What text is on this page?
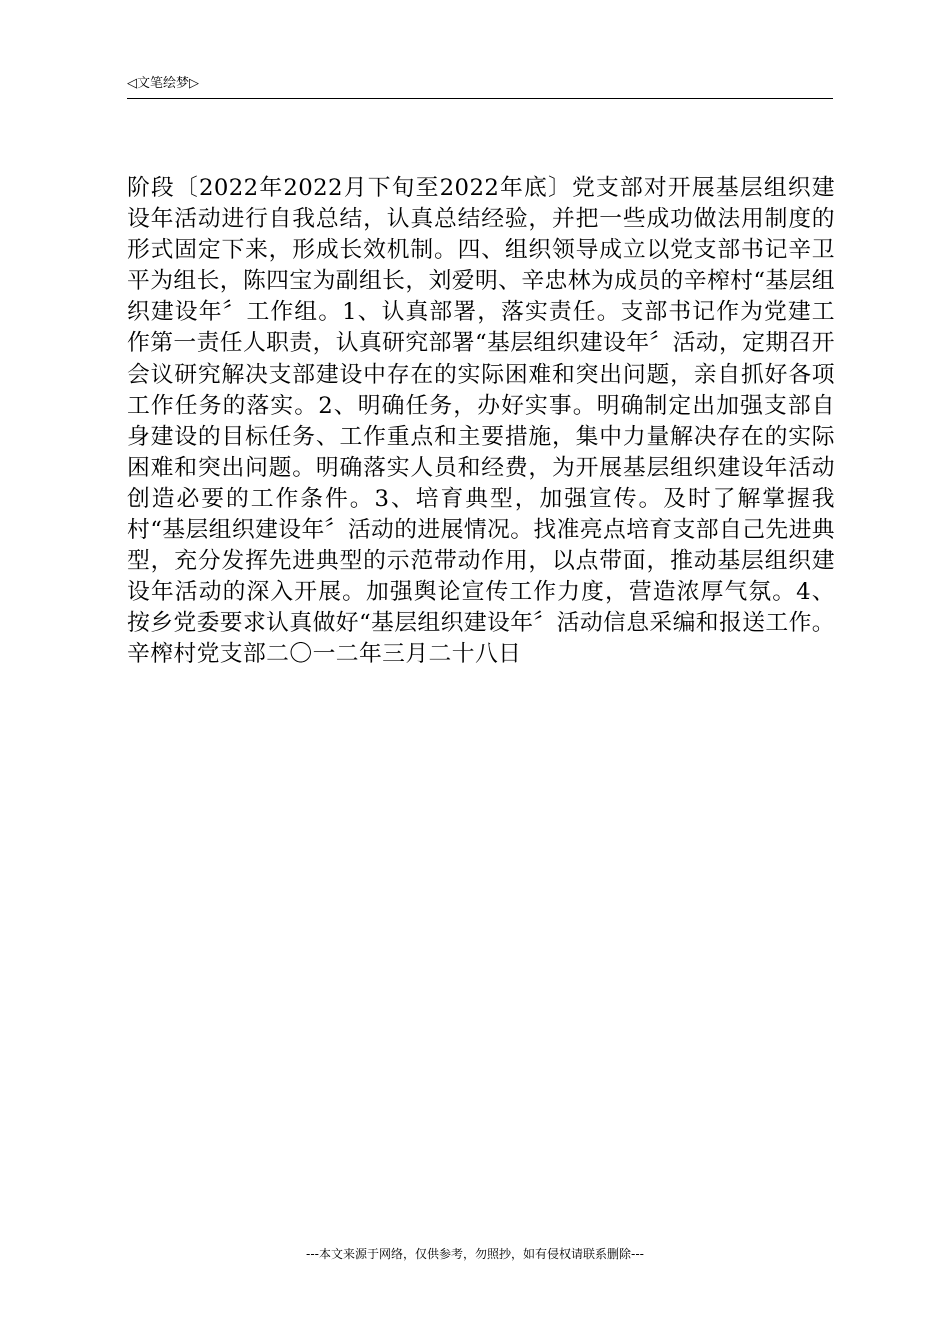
◁文笔绘梦▷

阶段〔2022年2022月下旬至2022年底〕党支部对开展基层组织建设年活动进行自我总结，认真总结经验，并把一些成功做法用制度的形式固定下来，形成长效机制。四、组织领导成立以党支部书记辛卫平为组长，陈四宝为副组长，刘爱明、辛忠林为成员的辛榨村“基层组织建设年〞工作组。1、认真部署，落实责任。支部书记作为党建工作第一责任人职责，认真研究部署“基层组织建设年〞活动，定期召开会议研究解决支部建设中存在的实际困难和突出问题，亲自抓好各项工作任务的落实。2、明确任务，办好实事。明确制定出加强支部自身建设的目标任务、工作重点和主要措施，集中力量解决存在的实际困难和突出问题。明确落实人员和经费，为开展基层组织建设年活动创造必要的工作条件。3、培育典型，加强宣传。及时了解掌握我村“基层组织建设年〞活动的进展情况。找准亮点培育支部自己先进典型，充分发挥先进典型的示范带动作用，以点带面，推动基层组织建设年活动的深入开展。加强舆论宣传工作力度，营造浓厚气氛。4、按乡党委要求认真做好“基层组织建设年〞活动信息采编和报送工作。辛榨村党支部二〇一二年三月二十八日

---本文来源于网络，仅供参考，勿照抄，如有侵权请联系删除---
